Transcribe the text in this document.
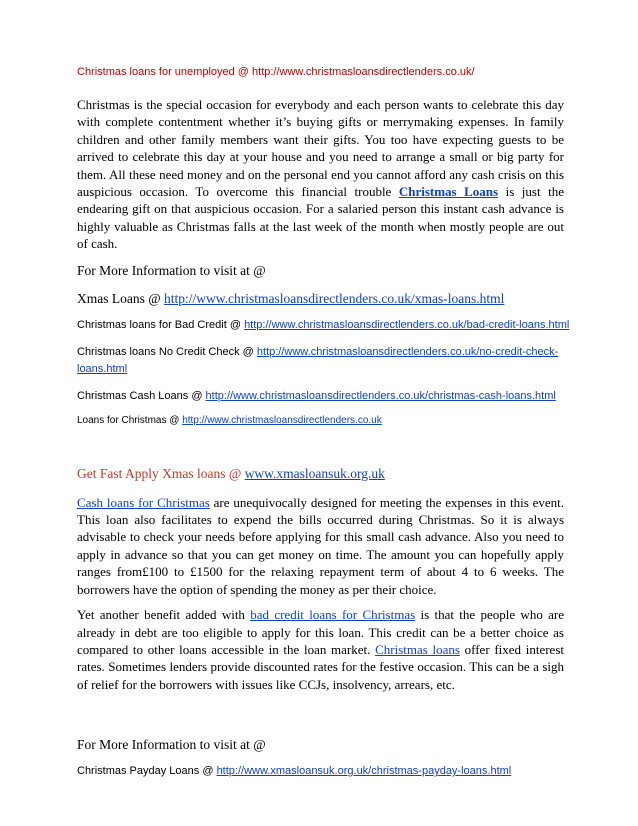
Christmas loans for unemployed @ http://www.christmasloansdirectlenders.co.uk/

Christmas is the special occasion for everybody and each person wants to celebrate this day with complete contentment whether it’s buying gifts or merrymaking expenses. In family children and other family members want their gifts. You too have expecting guests to be arrived to celebrate this day at your house and you need to arrange a small or big party for them. All these need money and on the personal end you cannot afford any cash crisis on this auspicious occasion. To overcome this financial trouble Christmas Loans is just the endearing gift on that auspicious occasion. For a salaried person this instant cash advance is highly valuable as Christmas falls at the last week of the month when mostly people are out of cash.

For More Information to visit at @
Xmas Loans @ http://www.christmasloansdirectlenders.co.uk/xmas-loans.html
Christmas loans for Bad Credit @ http://www.christmasloansdirectlenders.co.uk/bad-credit-loans.html
Christmas loans No Credit Check @ http://www.christmasloansdirectlenders.co.uk/no-credit-check-loans.html
Christmas Cash Loans @ http://www.christmasloansdirectlenders.co.uk/christmas-cash-loans.html
Loans for Christmas @ http://www.christmasloansdirectlenders.co.uk
Get Fast Apply Xmas loans @ www.xmasloansuk.org.uk

Cash loans for Christmas are unequivocally designed for meeting the expenses in this event. This loan also facilitates to expend the bills occurred during Christmas. So it is always advisable to check your needs before applying for this small cash advance. Also you need to apply in advance so that you can get money on time. The amount you can hopefully apply ranges from£100 to £1500 for the relaxing repayment term of about 4 to 6 weeks. The borrowers have the option of spending the money as per their choice.

Yet another benefit added with bad credit loans for Christmas is that the people who are already in debt are too eligible to apply for this loan. This credit can be a better choice as compared to other loans accessible in the loan market. Christmas loans offer fixed interest rates. Sometimes lenders provide discounted rates for the festive occasion. This can be a sigh of relief for the borrowers with issues like CCJs, insolvency, arrears, etc.

For More Information to visit at @
Christmas Payday Loans @ http://www.xmasloansuk.org.uk/christmas-payday-loans.html
